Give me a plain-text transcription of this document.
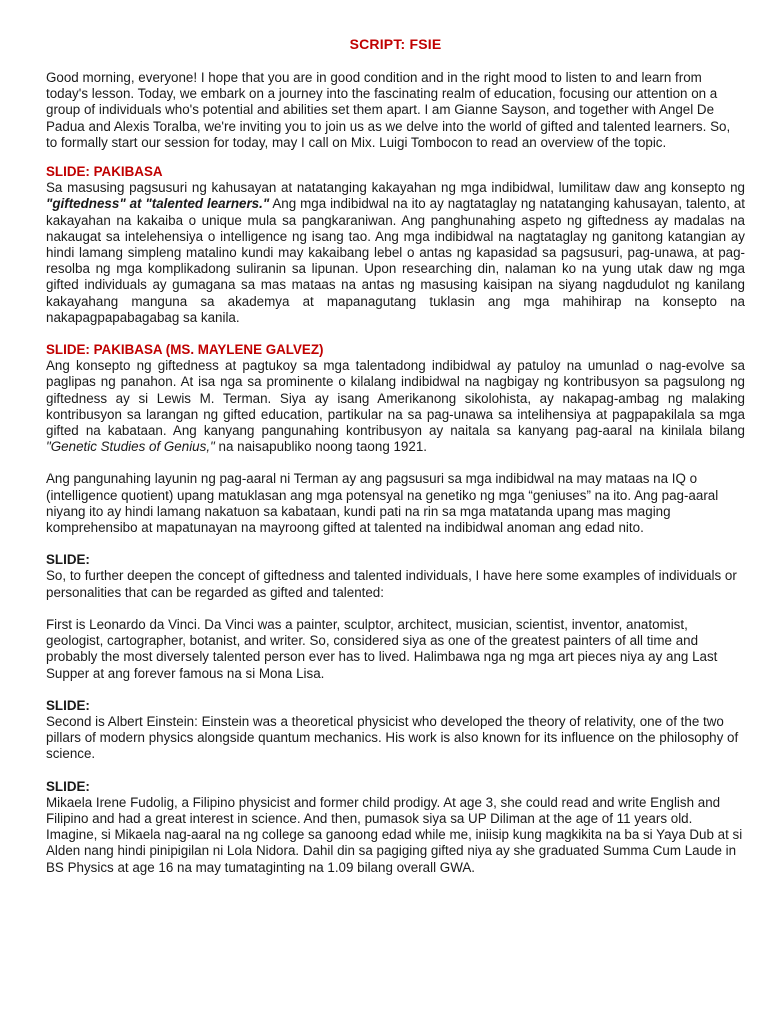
SCRIPT: FSIE

Good morning, everyone! I hope that you are in good condition and in the right mood to listen to and learn from today's lesson. Today, we embark on a journey into the fascinating realm of education, focusing our attention on a group of individuals who's potential and abilities set them apart. I am Gianne Sayson, and together with Angel De Padua and Alexis Toralba, we're inviting you to join us as we delve into the world of gifted and talented learners. So, to formally start our session for today, may I call on Mix. Luigi Tombocon to read an overview of the topic.

SLIDE: PAKIBASA

Sa masusing pagsusuri ng kahusayan at natatanging kakayahan ng mga indibidwal, lumilitaw daw ang konsepto ng "giftedness" at "talented learners." Ang mga indibidwal na ito ay nagtataglay ng natatanging kahusayan, talento, at kakayahan na kakaiba o unique mula sa pangkaraniwan. Ang panghunahing aspeto ng giftedness ay madalas na nakaugat sa intelehensiya o intelligence ng isang tao. Ang mga indibidwal na nagtataglay ng ganitong katangian ay hindi lamang simpleng matalino kundi may kakaibang lebel o antas ng kapasidad sa pagsusuri, pag-unawa, at pag-resolba ng mga komplikadong suliranin sa lipunan. Upon researching din, nalaman ko na yung utak daw ng mga gifted individuals ay gumagana sa mas mataas na antas ng masusing kaisipan na siyang nagdudulot ng kanilang kakayahang manguna sa akademya at mapanagutang tuklasin ang mga mahihirap na konsepto na nakapagpapabagabag sa kanila.

SLIDE: PAKIBASA (MS. MAYLENE GALVEZ)

Ang konsepto ng giftedness at pagtukoy sa mga talentadong indibidwal ay patuloy na umunlad o nag-evolve sa paglipas ng panahon. At isa nga sa prominente o kilalang indibidwal na nagbigay ng kontribusyon sa pagsulong ng giftedness ay si Lewis M. Terman. Siya ay isang Amerikanong sikolohista, ay nakapag-ambag ng malaking kontribusyon sa larangan ng gifted education, partikular na sa pag-unawa sa intelihensiya at pagpapakilala sa mga gifted na kabataan. Ang kanyang pangunahing kontribusyon ay naitala sa kanyang pag-aaral na kinilala bilang "Genetic Studies of Genius," na naisapubliko noong taong 1921.

Ang pangunahing layunin ng pag-aaral ni Terman ay ang pagsusuri sa mga indibidwal na may mataas na IQ o (intelligence quotient) upang matuklasan ang mga potensyal na genetiko ng mga “geniuses” na ito. Ang pag-aaral niyang ito ay hindi lamang nakatuon sa kabataan, kundi pati na rin sa mga matatanda upang mas maging komprehensibo at mapatunayan na mayroong gifted at talented na indibidwal anoman ang edad nito.

SLIDE:

So, to further deepen the concept of giftedness and talented individuals, I have here some examples of individuals or personalities that can be regarded as gifted and talented:

First is Leonardo da Vinci. Da Vinci was a painter, sculptor, architect, musician, scientist, inventor, anatomist, geologist, cartographer, botanist, and writer. So, considered siya as one of the greatest painters of all time and probably the most diversely talented person ever has to lived. Halimbawa nga ng mga art pieces niya ay ang Last Supper at ang forever famous na si Mona Lisa.

SLIDE:

Second is Albert Einstein: Einstein was a theoretical physicist who developed the theory of relativity, one of the two pillars of modern physics alongside quantum mechanics. His work is also known for its influence on the philosophy of science.

SLIDE:

Mikaela Irene Fudolig, a Filipino physicist and former child prodigy. At age 3, she could read and write English and Filipino and had a great interest in science. And then, pumasok siya sa UP Diliman at the age of 11 years old. Imagine, si Mikaela nag-aaral na ng college sa ganoong edad while me, iniisip kung magkikita na ba si Yaya Dub at si Alden nang hindi pinipigilan ni Lola Nidora. Dahil din sa pagiging gifted niya ay she graduated Summa Cum Laude in BS Physics at age 16 na may tumataginting na 1.09 bilang overall GWA.
